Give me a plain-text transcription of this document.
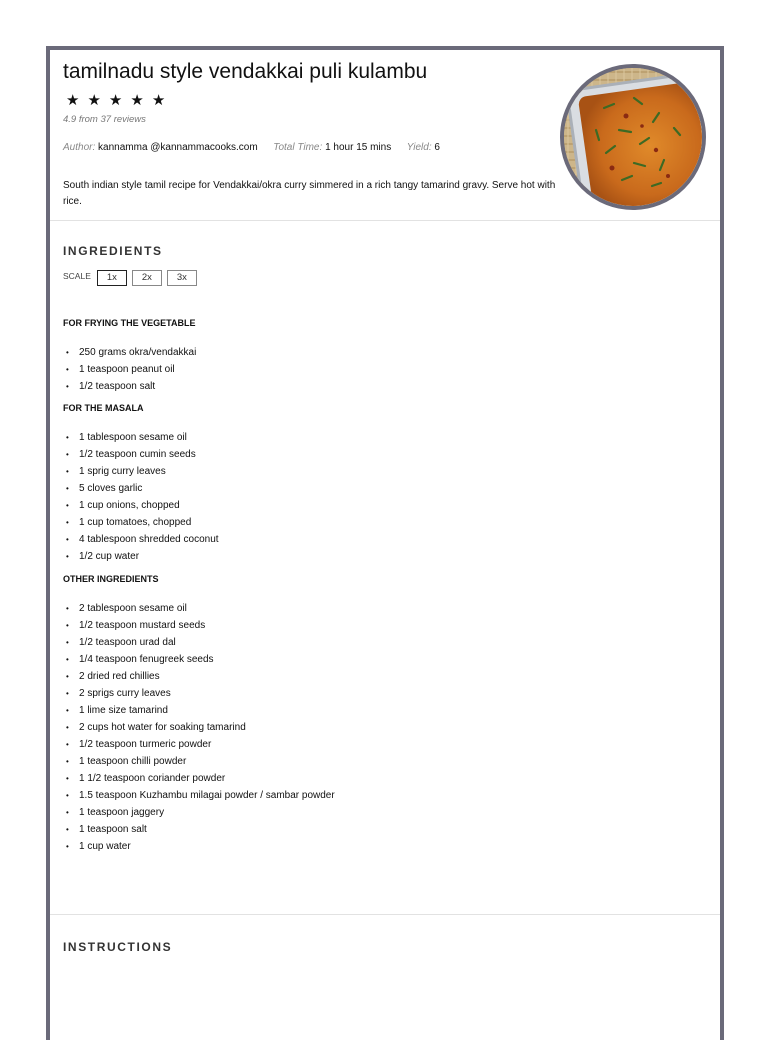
tamilnadu style vendakkai puli kulambu
★ ★ ★ ★ ★
4.9 from 37 reviews
Author: kannamma @kannammacooks.com Total Time: 1 hour 15 mins Yield: 6
South indian style tamil recipe for Vendakkai/okra curry simmered in a rich tangy tamarind gravy. Serve hot with rice.
INGREDIENTS
SCALE	1x	2x	3x
FOR FRYING THE VEGETABLE
• 250 grams okra/vendakkai
• 1 teaspoon peanut oil
• 1/2 teaspoon salt
FOR THE MASALA
• 1 tablespoon sesame oil
• 1/2 teaspoon cumin seeds
• 1 sprig curry leaves
• 5 cloves garlic
• 1 cup onions, chopped
• 1 cup tomatoes, chopped
• 4 tablespoon shredded coconut
• 1/2 cup water
OTHER INGREDIENTS
• 2 tablespoon sesame oil
• 1/2 teaspoon mustard seeds
• 1/2 teaspoon urad dal
• 1/4 teaspoon fenugreek seeds
• 2 dried red chillies
• 2 sprigs curry leaves
• 1 lime size tamarind
• 2 cups hot water for soaking tamarind
• 1/2 teaspoon turmeric powder
• 1 teaspoon chilli powder
• 1 1/2 teaspoon coriander powder
• 1.5 teaspoon Kuzhambu milagai powder / sambar powder
• 1 teaspoon jaggery
• 1 teaspoon salt
• 1 cup water
INSTRUCTIONS
